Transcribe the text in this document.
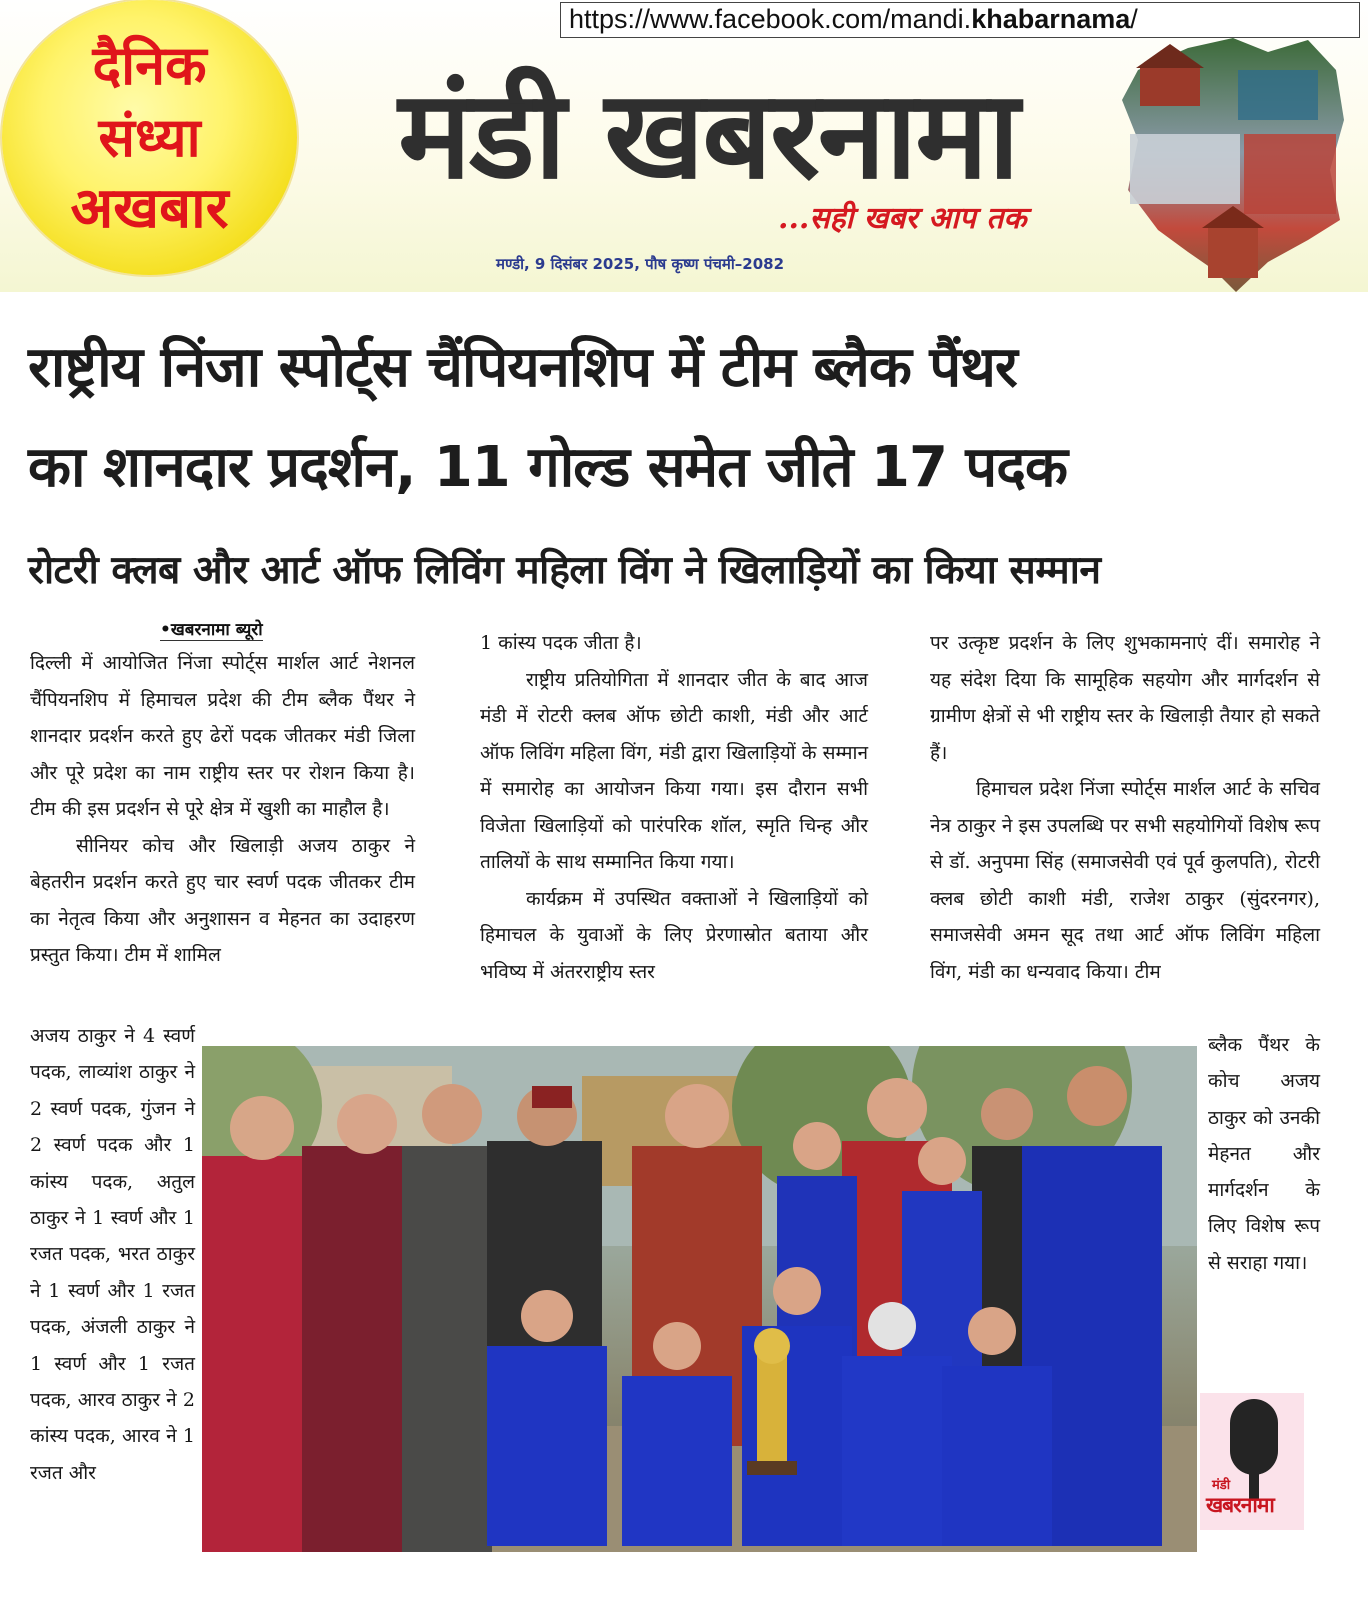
https://www.facebook.com/mandi.khabarnama/
दैनिक
संध्या
अखबार
मंडी खबरनामा
...सही खबर आप तक
मण्डी, 9 दिसंबर 2025, पौष कृष्ण पंचमी–2082
राष्ट्रीय निंजा स्पोर्ट्स चैंपियनशिप में टीम ब्लैक पैंथर
का शानदार प्रदर्शन, 11 गोल्ड समेत जीते 17 पदक
रोटरी क्लब और आर्ट ऑफ लिविंग महिला विंग ने खिलाड़ियों का किया सम्मान
•खबरनामा ब्यूरो

दिल्ली में आयोजित निंजा स्पोर्ट्स मार्शल आर्ट नेशनल चैंपियनशिप में हिमाचल प्रदेश की टीम ब्लैक पैंथर ने शानदार प्रदर्शन करते हुए ढेरों पदक जीतकर मंडी जिला और पूरे प्रदेश का नाम राष्ट्रीय स्तर पर रोशन किया है। टीम की इस प्रदर्शन से पूरे क्षेत्र में खुशी का माहौल है।

सीनियर कोच और खिलाड़ी अजय ठाकुर ने बेहतरीन प्रदर्शन करते हुए चार स्वर्ण पदक जीतकर टीम का नेतृत्व किया और अनुशासन व मेहनत का उदाहरण प्रस्तुत किया। टीम में शामिल

अजय ठाकुर ने 4 स्वर्ण पदक, लाव्यांश ठाकुर ने 2 स्वर्ण पदक, गुंजन ने 2 स्वर्ण पदक और 1 कांस्य पदक, अतुल ठाकुर ने 1 स्वर्ण और 1 रजत पदक, भरत ठाकुर ने 1 स्वर्ण और 1 रजत पदक, अंजली ठाकुर ने 1 स्वर्ण और 1 रजत पदक, आरव ठाकुर ने 2 कांस्य पदक, आरव ने 1 रजत और

1 कांस्य पदक जीता है।

राष्ट्रीय प्रतियोगिता में शानदार जीत के बाद आज मंडी में रोटरी क्लब ऑफ छोटी काशी, मंडी और आर्ट ऑफ लिविंग महिला विंग, मंडी द्वारा खिलाड़ियों के सम्मान में समारोह का आयोजन किया गया। इस दौरान सभी विजेता खिलाड़ियों को पारंपरिक शॉल, स्मृति चिन्ह और तालियों के साथ सम्मानित किया गया।

कार्यक्रम में उपस्थित वक्ताओं ने खिलाड़ियों को हिमाचल के युवाओं के लिए प्रेरणास्रोत बताया और भविष्य में अंतरराष्ट्रीय स्तर

पर उत्कृष्ट प्रदर्शन के लिए शुभकामनाएं दीं। समारोह ने यह संदेश दिया कि सामूहिक सहयोग और मार्गदर्शन से ग्रामीण क्षेत्रों से भी राष्ट्रीय स्तर के खिलाड़ी तैयार हो सकते हैं।

हिमाचल प्रदेश निंजा स्पोर्ट्स मार्शल आर्ट के सचिव नेत्र ठाकुर ने इस उपलब्धि पर सभी सहयोगियों विशेष रूप से डॉ. अनुपमा सिंह (समाजसेवी एवं पूर्व कुलपति), रोटरी क्लब छोटी काशी मंडी, राजेश ठाकुर (सुंदरनगर), समाजसेवी अमन सूद तथा आर्ट ऑफ लिविंग महिला विंग, मंडी का धन्यवाद किया। टीम

ब्लैक पैंथर के कोच अजय ठाकुर को उनकी मेहनत और मार्गदर्शन के लिए विशेष रूप से सराहा गया।

मंडी
खबरनामा
